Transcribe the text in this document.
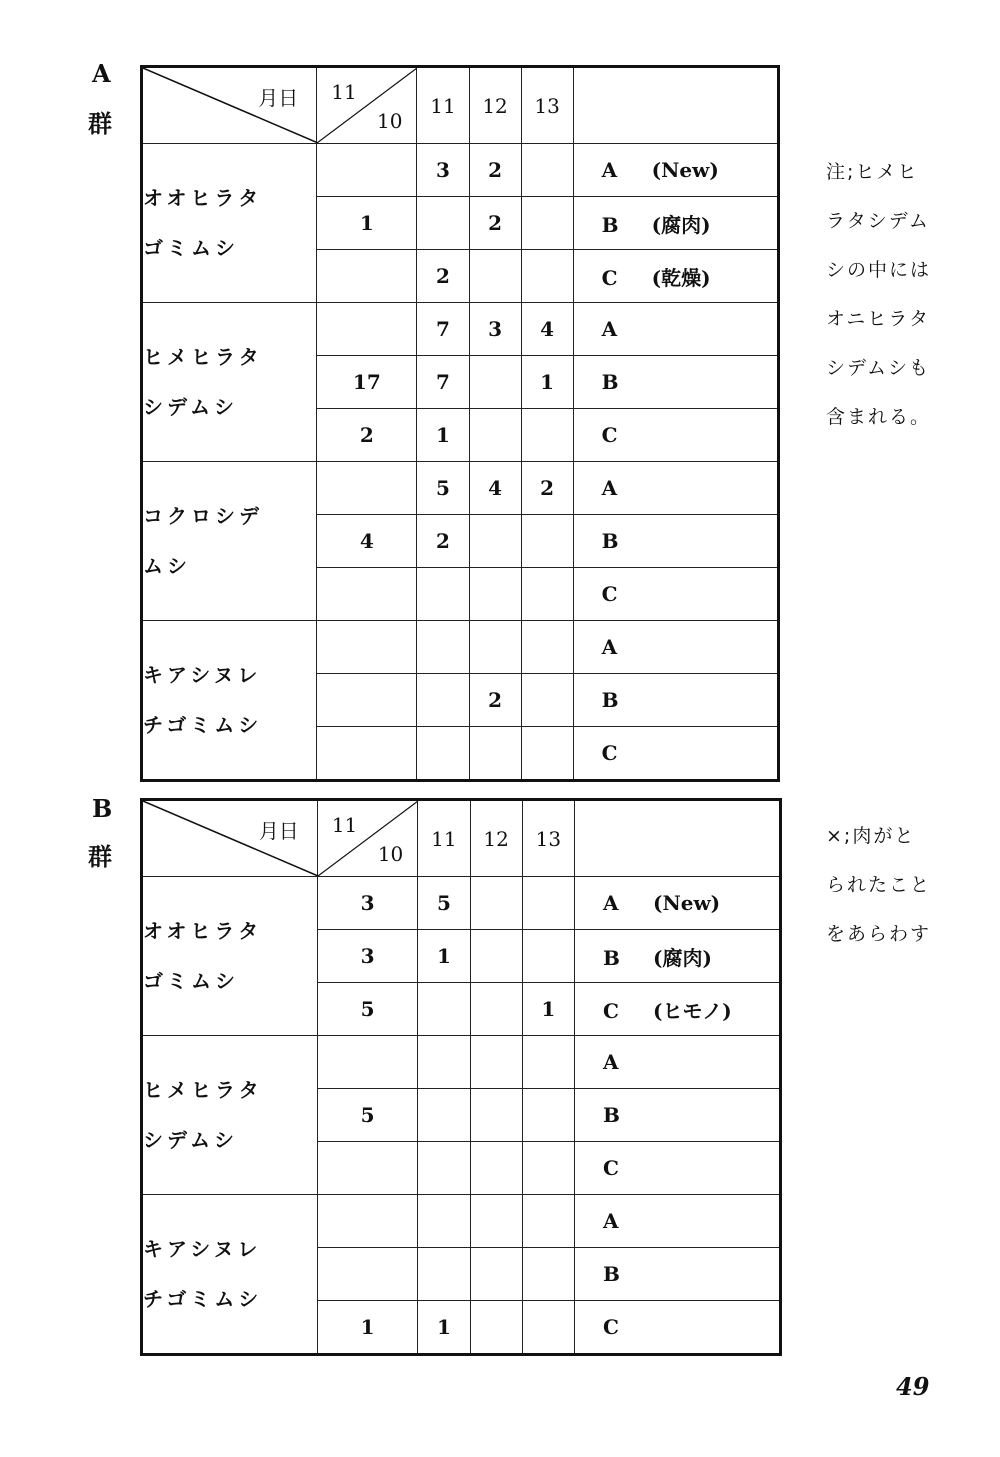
A
群
B
群
月日	11
10	11	12	13	

オオヒラタ
ゴミムシ		3	2		A (New)
	1		2		B (腐肉)
		2			C (乾燥)

ヒメヒラタ
シデムシ		7	3	4	A
	17	7		1	B
	2	1			C

コクロシデ
ムシ		5	4	2	A
	4	2			B
					C

キアシヌレ
チゴミムシ					A
			2		B
					C
月日	11
10	11	12	13	

オオヒラタ
ゴミムシ	3	5			A (New)
	3	1			B (腐肉)
	5			1	C (ヒモノ)

ヒメヒラタ
シデムシ					A
	5				B
					C

キアシヌレ
チゴミムシ					A
					B
	1	1			C
注;ヒメヒ
ラタシデム
シの中には
オニヒラタ
シデムシも
含まれる。
×;肉がと
られたこと
をあらわす
49
